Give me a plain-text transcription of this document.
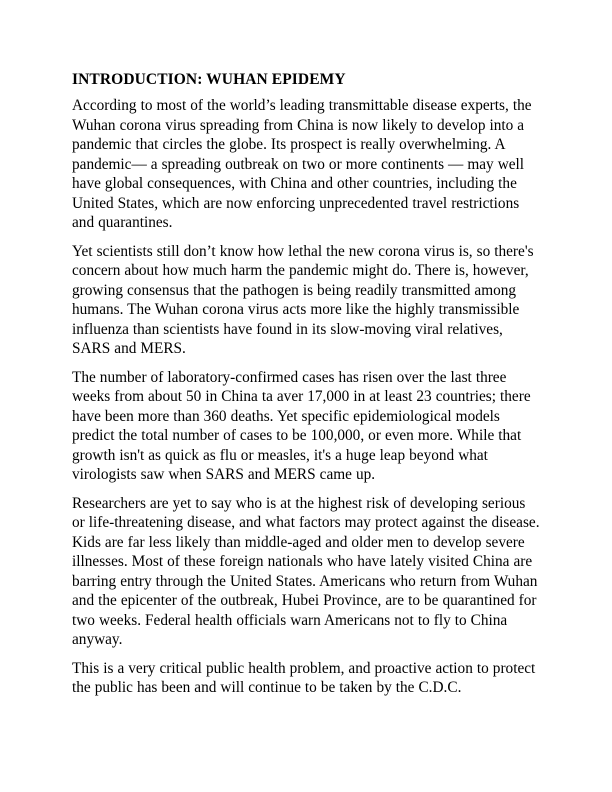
INTRODUCTION: WUHAN EPIDEMY

According to most of the world’s leading transmittable disease experts, the Wuhan corona virus spreading from China is now likely to develop into a pandemic that circles the globe. Its prospect is really overwhelming. A pandemic— a spreading outbreak on two or more continents — may well have global consequences, with China and other countries, including the United States, which are now enforcing unprecedented travel restrictions and quarantines.

Yet scientists still don’t know how lethal the new corona virus is, so there's concern about how much harm the pandemic might do. There is, however, growing consensus that the pathogen is being readily transmitted among humans. The Wuhan corona virus acts more like the highly transmissible influenza than scientists have found in its slow-moving viral relatives, SARS and MERS.

The number of laboratory-confirmed cases has risen over the last three weeks from about 50 in China ta aver 17,000 in at least 23 countries; there have been more than 360 deaths. Yet specific epidemiological models predict the total number of cases to be 100,000, or even more. While that growth isn't as quick as flu or measles, it's a huge leap beyond what virologists saw when SARS and MERS came up.

Researchers are yet to say who is at the highest risk of developing serious or life-threatening disease, and what factors may protect against the disease. Kids are far less likely than middle-aged and older men to develop severe illnesses. Most of these foreign nationals who have lately visited China are barring entry through the United States. Americans who return from Wuhan and the epicenter of the outbreak, Hubei Province, are to be quarantined for two weeks. Federal health officials warn Americans not to fly to China anyway.

This is a very critical public health problem, and proactive action to protect the public has been and will continue to be taken by the C.D.C.
